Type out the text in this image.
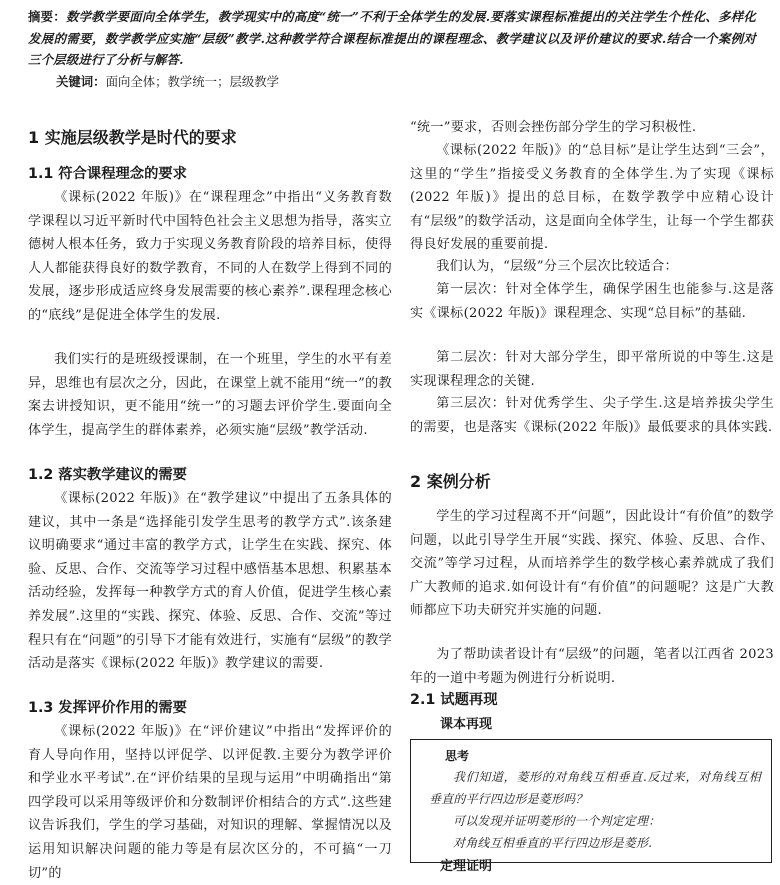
摘要：数学教学要面向全体学生，教学现实中的高度“统一”不利于全体学生的发展.要落实课程标准提出的关注学生个性化、多样化发展的需要，数学教学应实施“层级”教学.这种教学符合课程标准提出的课程理念、教学建议以及评价建议的要求.结合一个案例对三个层级进行了分析与解答.
关键词：面向全体；教学统一；层级教学
1 实施层级教学是时代的要求
1.1 符合课程理念的要求

《课标(2022 年版)》在“课程理念”中指出“义务教育数学课程以习近平新时代中国特色社会主义思想为指导，落实立德树人根本任务，致力于实现义务教育阶段的培养目标，使得人人都能获得良好的数学教育，不同的人在数学上得到不同的发展，逐步形成适应终身发展需要的核心素养”.课程理念核心的“底线”是促进全体学生的发展.

我们实行的是班级授课制，在一个班里，学生的水平有差异，思维也有层次之分，因此，在课堂上就不能用“统一”的教案去讲授知识，更不能用“统一”的习题去评价学生.要面向全体学生，提高学生的群体素养，必须实施“层级”教学活动.

1.2 落实教学建议的需要

《课标(2022 年版)》在“教学建议”中提出了五条具体的建议，其中一条是“选择能引发学生思考的教学方式”.该条建议明确要求“通过丰富的教学方式，让学生在实践、探究、体验、反思、合作、交流等学习过程中感悟基本思想、积累基本活动经验，发挥每一种教学方式的育人价值，促进学生核心素养发展”.这里的“实践、探究、体验、反思、合作、交流”等过程只有在“问题”的引导下才能有效进行，实施有“层级”的教学活动是落实《课标(2022 年版)》教学建议的需要.

1.3 发挥评价作用的需要

《课标(2022 年版)》在“评价建议”中指出“发挥评价的育人导向作用，坚持以评促学、以评促教.主要分为教学评价和学业水平考试”.在“评价结果的呈现与运用”中明确指出“第四学段可以采用等级评价和分数制评价相结合的方式”.这些建议告诉我们，学生的学习基础，对知识的理解、掌握情况以及运用知识解决问题的能力等是有层次区分的，不可搞“一刀切”的

“统一”要求，否则会挫伤部分学生的学习积极性.

《课标(2022 年版)》的“总目标”是让学生达到“三会”，这里的“学生”指接受义务教育的全体学生.为了实现《课标(2022 年版)》提出的总目标，在数学教学中应精心设计有“层级”的数学活动，这是面向全体学生，让每一个学生都获得良好发展的重要前提.

我们认为，“层级”分三个层次比较适合：

第一层次：针对全体学生，确保学困生也能参与.这是落实《课标(2022 年版)》课程理念、实现“总目标”的基础.

第二层次：针对大部分学生，即平常所说的中等生.这是实现课程理念的关键.

第三层次：针对优秀学生、尖子学生.这是培养拔尖学生的需要，也是落实《课标(2022 年版)》最低要求的具体实践.

2 案例分析

学生的学习过程离不开“问题”，因此设计“有价值”的数学问题，以此引导学生开展“实践、探究、体验、反思、合作、交流”等学习过程，从而培养学生的数学核心素养就成了我们广大教师的追求.如何设计有“有价值”的问题呢？这是广大教师都应下功夫研究并实施的问题.

为了帮助读者设计有“层级”的问题，笔者以江西省 2023 年的一道中考题为例进行分析说明.

2.1 试题再现
课本再现
思考

我们知道，菱形的对角线互相垂直.反过来，对角线互相垂直的平行四边形是菱形吗？

可以发现并证明菱形的一个判定定理：

对角线互相垂直的平行四边形是菱形.

定理证明
